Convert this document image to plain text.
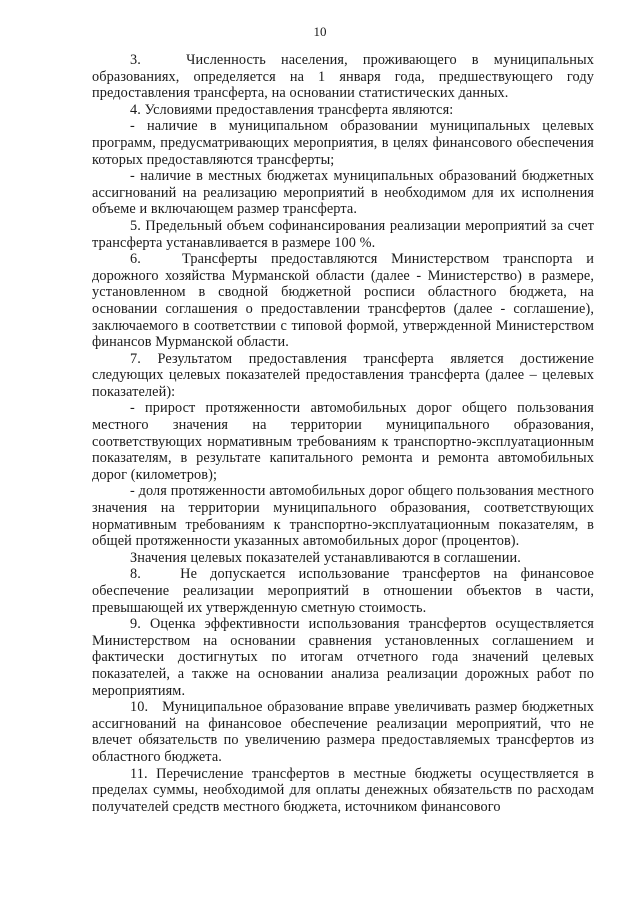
10

3.   Численность населения, проживающего в муниципальных образованиях, определяется на 1 января года, предшествующего году предоставления трансферта, на основании статистических данных.

4. Условиями предоставления трансферта являются:

- наличие в муниципальном образовании муниципальных целевых программ, предусматривающих мероприятия, в целях финансового обеспечения которых предоставляются трансферты;

- наличие в местных бюджетах муниципальных образований бюджетных ассигнований на реализацию мероприятий в необходимом для их исполнения объеме и включающем размер трансферта.

5. Предельный объем софинансирования реализации мероприятий за счет трансферта устанавливается в размере 100 %.

6.   Трансферты предоставляются Министерством транспорта и дорожного хозяйства Мурманской области (далее - Министерство) в размере, установленном в сводной бюджетной росписи областного бюджета, на основании соглашения о предоставлении трансфертов (далее - соглашение), заключаемого в соответствии с типовой формой, утвержденной Министерством финансов Мурманской области.

7. Результатом предоставления трансферта является достижение следующих целевых показателей предоставления трансферта (далее – целевых показателей):

- прирост протяженности автомобильных дорог общего пользования местного значения на территории муниципального образования, соответствующих нормативным требованиям к транспортно-эксплуатационным показателям, в результате капитального ремонта и ремонта автомобильных дорог (километров);

- доля протяженности автомобильных дорог общего пользования местного значения на территории муниципального образования, соответствующих нормативным требованиям к транспортно-эксплуатационным показателям, в общей протяженности указанных автомобильных дорог (процентов).

Значения целевых показателей устанавливаются в соглашении.

8.   Не допускается использование трансфертов на финансовое обеспечение реализации мероприятий в отношении объектов в части, превышающей их утвержденную сметную стоимость.

9. Оценка эффективности использования трансфертов осуществляется Министерством на основании сравнения установленных соглашением и фактически достигнутых по итогам отчетного года значений целевых показателей, а также на основании анализа реализации дорожных работ по мероприятиям.

10.   Муниципальное образование вправе увеличивать размер бюджетных ассигнований на финансовое обеспечение реализации мероприятий, что не влечет обязательств по увеличению размера предоставляемых трансфертов из областного бюджета.

11. Перечисление трансфертов в местные бюджеты осуществляется в пределах суммы, необходимой для оплаты денежных обязательств по расходам получателей средств местного бюджета, источником финансового
